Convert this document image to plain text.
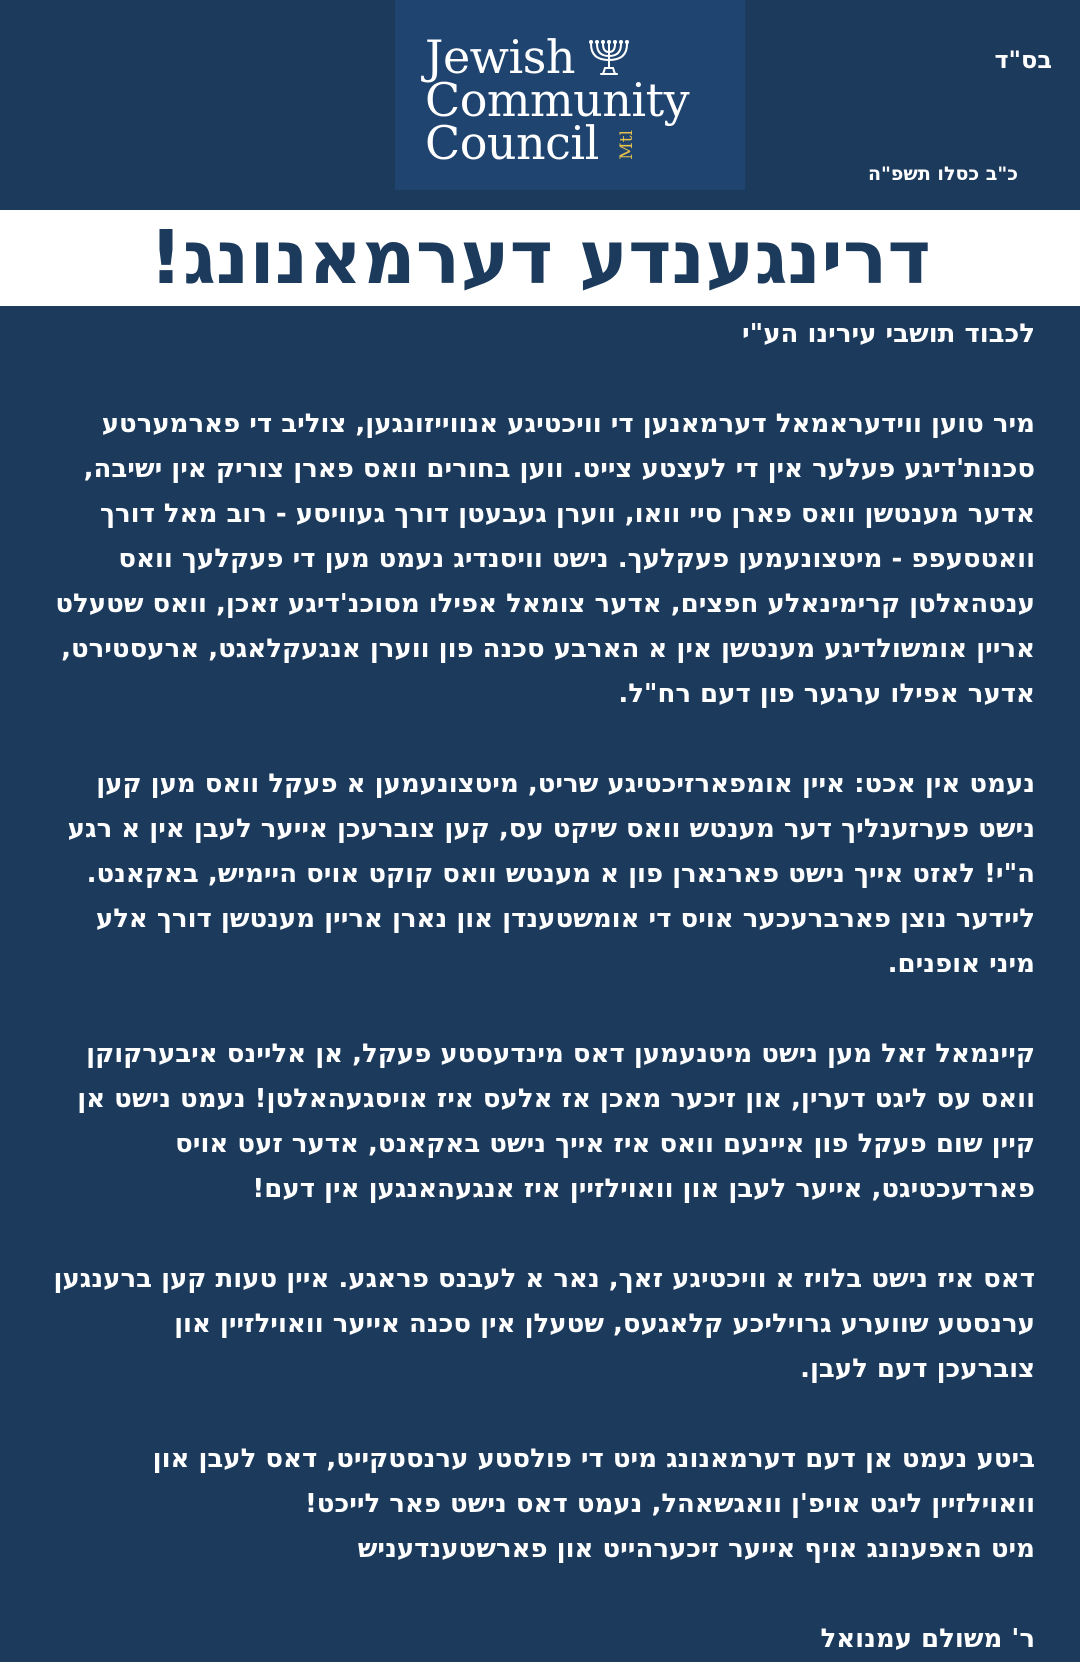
Jewish
Community
Council	Mtl
בס"ד
כ"ב כסלו תשפ"ה
דרינגענדע דערמאנונג!

לכבוד תושבי עירינו הע"י

מיר טוען ווידעראמאל דערמאנען די וויכטיגע אנווייזונגען, צוליב די פארמערטע
סכנות'דיגע פעלער אין די לעצטע צייט. ווען בחורים וואס פארן צוריק אין ישיבה,
אדער מענטשן וואס פארן סיי וואו, ווערן געבעטן דורך געוויסע - רוב מאל דורך
וואטסעפפ - מיטצונעמען פעקלעך. נישט וויסנדיג נעמט מען די פעקלעך וואס
ענטהאלטן קרימינאלע חפצים, אדער צומאל אפילו מסוכנ'דיגע זאכן, וואס שטעלט
אריין אומשולדיגע מענטשן אין א הארבע סכנה פון ווערן אנגעקלאגט, ארעסטירט,
אדער אפילו ערגער פון דעם רח"ל.

נעמט אין אכט: איין אומפארזיכטיגע שריט, מיטצונעמען א פעקל וואס מען קען
נישט פערזענליך דער מענטש וואס שיקט עס, קען צוברעכן אייער לעבן אין א רגע
ה"י! לאזט אייך נישט פארנארן פון א מענטש וואס קוקט אויס היימיש, באקאנט.
ליידער נוצן פארברעכער אויס די אומשטענדן און נארן אריין מענטשן דורך אלע
מיני אופנים.

קיינמאל זאל מען נישט מיטנעמען דאס מינדעסטע פעקל, אן אליינס איבערקוקן
וואס עס ליגט דערין, און זיכער מאכן אז אלעס איז אויסגעהאלטן! נעמט נישט אן
קיין שום פעקל פון איינעם וואס איז אייך נישט באקאנט, אדער זעט אויס
פארדעכטיגט, אייער לעבן און וואוילזיין איז אנגעהאנגען אין דעם!

דאס איז נישט בלויז א וויכטיגע זאך, נאר א לעבנס פראגע. איין טעות קען ברענגען
ערנסטע שווערע גרויליכע קלאגעס, שטעלן אין סכנה אייער וואוילזיין און
צוברעכן דעם לעבן.

ביטע נעמט אן דעם דערמאנונג מיט די פולסטע ערנסטקייט, דאס לעבן און
וואוילזיין ליגט אויפ'ן וואגשאהל, נעמט דאס נישט פאר לייכט!
מיט האפענונג אויף אייער זיכערהייט און פארשטענדעניש

ר' משולם עמנואל
